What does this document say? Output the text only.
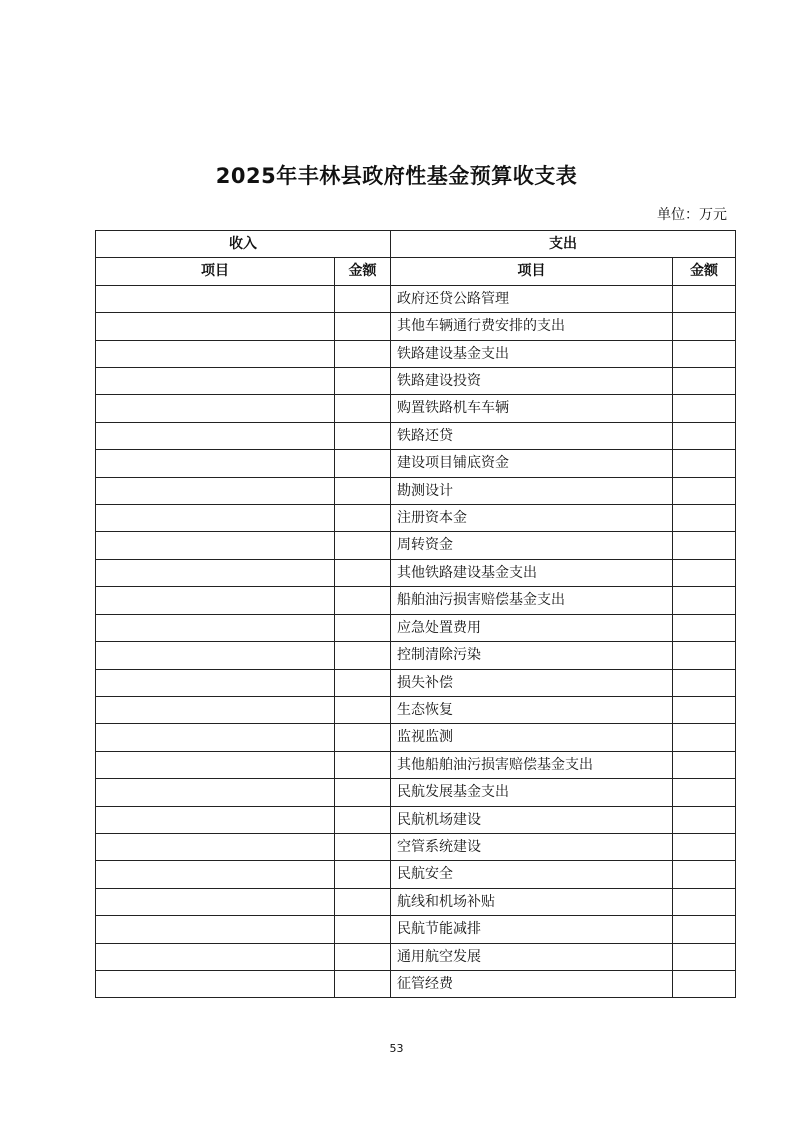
2025年丰林县政府性基金预算收支表
单位：万元
收入		支出	
项目	金额	项目	金额
		政府还贷公路管理	
		其他车辆通行费安排的支出	
		铁路建设基金支出	
		铁路建设投资	
		购置铁路机车车辆	
		铁路还贷	
		建设项目铺底资金	
		勘测设计	
		注册资本金	
		周转资金	
		其他铁路建设基金支出	
		船舶油污损害赔偿基金支出	
		应急处置费用	
		控制清除污染	
		损失补偿	
		生态恢复	
		监视监测	
		其他船舶油污损害赔偿基金支出	
		民航发展基金支出	
		民航机场建设	
		空管系统建设	
		民航安全	
		航线和机场补贴	
		民航节能减排	
		通用航空发展	
		征管经费	
53
